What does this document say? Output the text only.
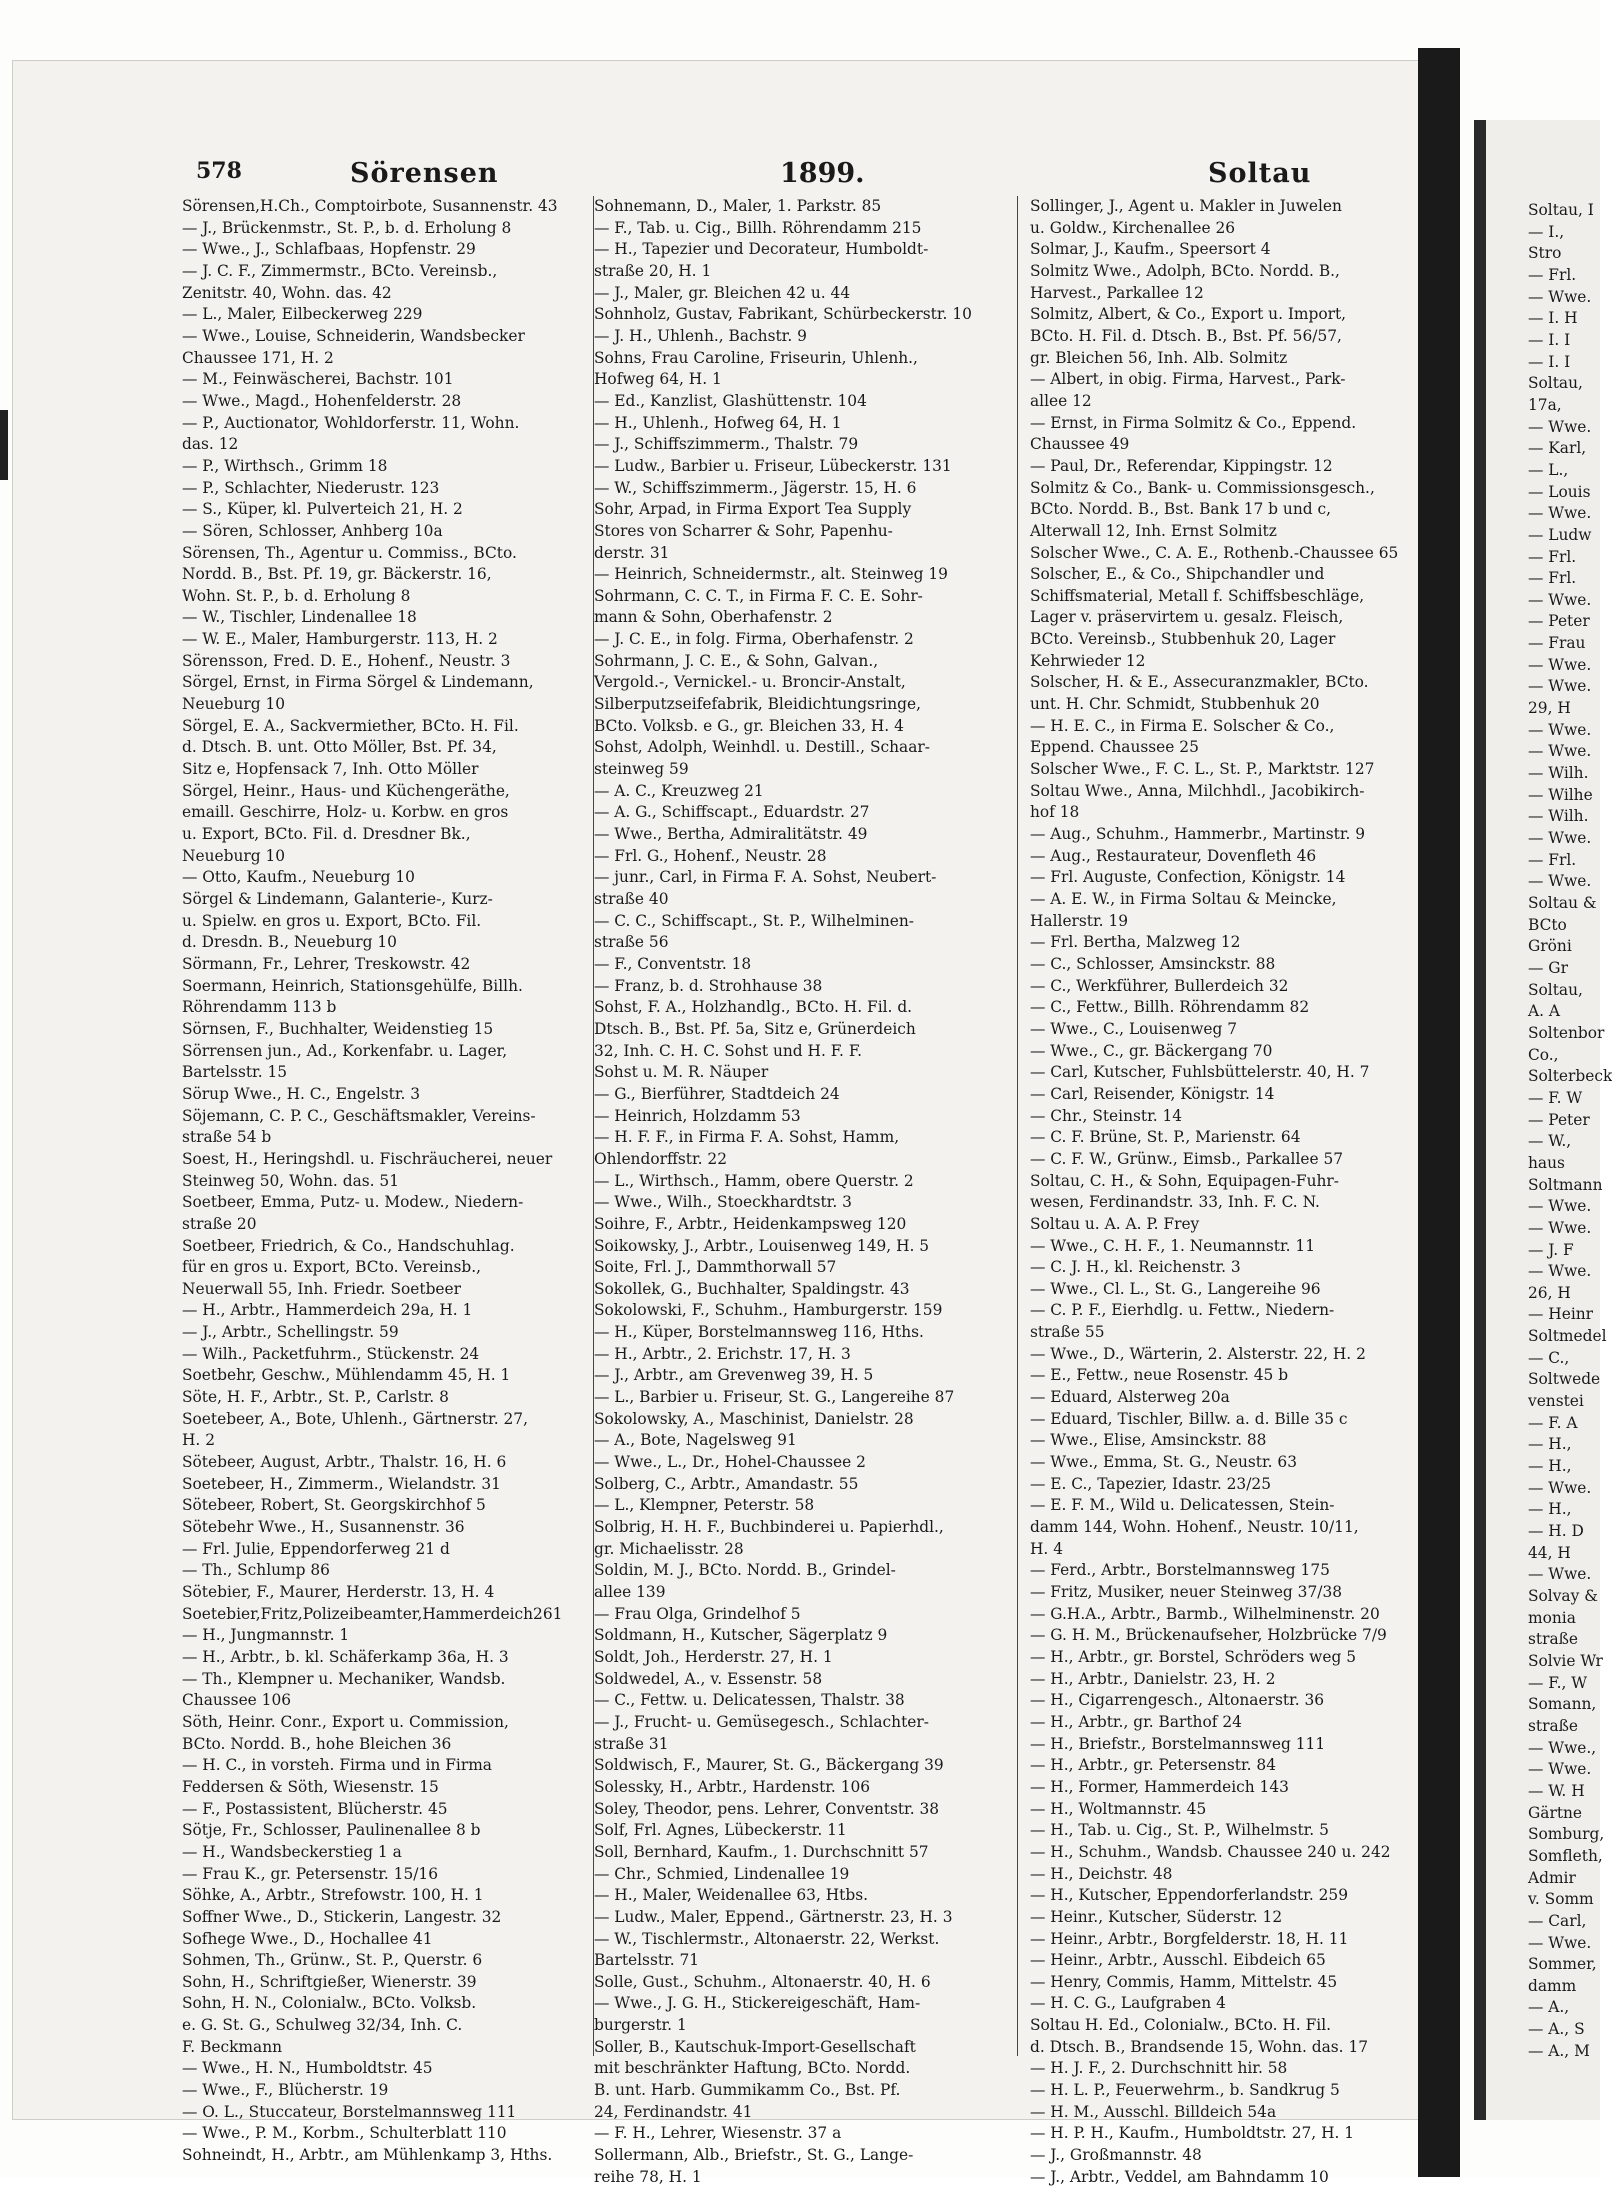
578	Sörensen	1899.	Soltau
Sörensen,H.Ch., Comptoirbote, Susannenstr. 43
— J., Brückenmstr., St. P., b. d. Erholung 8
— Wwe., J., Schlafbaas, Hopfenstr. 29
— J. C. F., Zimmermstr., BCto. Vereinsb.,
Zenitstr. 40, Wohn. das. 42
— L., Maler, Eilbeckerweg 229
— Wwe., Louise, Schneiderin, Wandsbecker
Chaussee 171, H. 2
— M., Feinwäscherei, Bachstr. 101
— Wwe., Magd., Hohenfelderstr. 28
— P., Auctionator, Wohldorferstr. 11, Wohn.
das. 12
— P., Wirthsch., Grimm 18
— P., Schlachter, Niederustr. 123
— S., Küper, kl. Pulverteich 21, H. 2
— Sören, Schlosser, Anhberg 10a
Sörensen, Th., Agentur u. Commiss., BCto.
Nordd. B., Bst. Pf. 19, gr. Bäckerstr. 16,
Wohn. St. P., b. d. Erholung 8
— W., Tischler, Lindenallee 18
— W. E., Maler, Hamburgerstr. 113, H. 2
Sörensson, Fred. D. E., Hohenf., Neustr. 3
Sörgel, Ernst, in Firma Sörgel & Lindemann,
Neueburg 10
Sörgel, E. A., Sackvermiether, BCto. H. Fil.
d. Dtsch. B. unt. Otto Möller, Bst. Pf. 34,
Sitz e, Hopfensack 7, Inh. Otto Möller
Sörgel, Heinr., Haus- und Küchengeräthe,
emaill. Geschirre, Holz- u. Korbw. en gros
u. Export, BCto. Fil. d. Dresdner Bk.,
Neueburg 10
— Otto, Kaufm., Neueburg 10
Sörgel & Lindemann, Galanterie-, Kurz-
u. Spielw. en gros u. Export, BCto. Fil.
d. Dresdn. B., Neueburg 10
Sörmann, Fr., Lehrer, Treskowstr. 42
Soermann, Heinrich, Stationsgehülfe, Billh.
Röhrendamm 113 b
Sörnsen, F., Buchhalter, Weidenstieg 15
Sörrensen jun., Ad., Korkenfabr. u. Lager,
Bartelsstr. 15
Sörup Wwe., H. C., Engelstr. 3
Söjemann, C. P. C., Geschäftsmakler, Vereins-
straße 54 b
Soest, H., Heringshdl. u. Fischräucherei, neuer
Steinweg 50, Wohn. das. 51
Soetbeer, Emma, Putz- u. Modew., Niedern-
straße 20
Soetbeer, Friedrich, & Co., Handschuhlag.
für en gros u. Export, BCto. Vereinsb.,
Neuerwall 55, Inh. Friedr. Soetbeer
— H., Arbtr., Hammerdeich 29a, H. 1
— J., Arbtr., Schellingstr. 59
— Wilh., Packetfuhrm., Stückenstr. 24
Soetbehr, Geschw., Mühlendamm 45, H. 1
Söte, H. F., Arbtr., St. P., Carlstr. 8
Soetebeer, A., Bote, Uhlenh., Gärtnerstr. 27,
H. 2
Sötebeer, August, Arbtr., Thalstr. 16, H. 6
Soetebeer, H., Zimmerm., Wielandstr. 31
Sötebeer, Robert, St. Georgskirchhof 5
Sötebehr Wwe., H., Susannenstr. 36
— Frl. Julie, Eppendorferweg 21 d
— Th., Schlump 86
Sötebier, F., Maurer, Herderstr. 13, H. 4
Soetebier,Fritz,Polizeibeamter,Hammerdeich261
— H., Jungmannstr. 1
— H., Arbtr., b. kl. Schäferkamp 36a, H. 3
— Th., Klempner u. Mechaniker, Wandsb.
Chaussee 106
Söth, Heinr. Conr., Export u. Commission,
BCto. Nordd. B., hohe Bleichen 36
— H. C., in vorsteh. Firma und in Firma
Feddersen & Söth, Wiesenstr. 15
— F., Postassistent, Blücherstr. 45
Sötje, Fr., Schlosser, Paulinenallee 8 b
— H., Wandsbeckerstieg 1 a
— Frau K., gr. Petersenstr. 15/16
Söhke, A., Arbtr., Strefowstr. 100, H. 1
Soffner Wwe., D., Stickerin, Langestr. 32
Sofhege Wwe., D., Hochallee 41
Sohmen, Th., Grünw., St. P., Querstr. 6
Sohn, H., Schriftgießer, Wienerstr. 39
Sohn, H. N., Colonialw., BCto. Volksb.
e. G. St. G., Schulweg 32/34, Inh. C.
F. Beckmann
— Wwe., H. N., Humboldtstr. 45
— Wwe., F., Blücherstr. 19
— O. L., Stuccateur, Borstelmannsweg 111
— Wwe., P. M., Korbm., Schulterblatt 110
Sohneindt, H., Arbtr., am Mühlenkamp 3, Hths.
Sohnemann, D., Maler, 1. Parkstr. 85
— F., Tab. u. Cig., Billh. Röhrendamm 215
— H., Tapezier und Decorateur, Humboldt-
straße 20, H. 1
— J., Maler, gr. Bleichen 42 u. 44
Sohnholz, Gustav, Fabrikant, Schürbeckerstr. 10
— J. H., Uhlenh., Bachstr. 9
Sohns, Frau Caroline, Friseurin, Uhlenh.,
Hofweg 64, H. 1
— Ed., Kanzlist, Glashüttenstr. 104
— H., Uhlenh., Hofweg 64, H. 1
— J., Schiffszimmerm., Thalstr. 79
— Ludw., Barbier u. Friseur, Lübeckerstr. 131
— W., Schiffszimmerm., Jägerstr. 15, H. 6
Sohr, Arpad, in Firma Export Tea Supply
Stores von Scharrer & Sohr, Papenhu-
derstr. 31
— Heinrich, Schneidermstr., alt. Steinweg 19
Sohrmann, C. C. T., in Firma F. C. E. Sohr-
mann & Sohn, Oberhafenstr. 2
— J. C. E., in folg. Firma, Oberhafenstr. 2
Sohrmann, J. C. E., & Sohn, Galvan.,
Vergold.-, Vernickel.- u. Broncir-Anstalt,
Silberputzseifefabrik, Bleidichtungsringe,
BCto. Volksb. e G., gr. Bleichen 33, H. 4
Sohst, Adolph, Weinhdl. u. Destill., Schaar-
steinweg 59
— A. C., Kreuzweg 21
— A. G., Schiffscapt., Eduardstr. 27
— Wwe., Bertha, Admiralitätstr. 49
— Frl. G., Hohenf., Neustr. 28
— junr., Carl, in Firma F. A. Sohst, Neubert-
straße 40
— C. C., Schiffscapt., St. P., Wilhelminen-
straße 56
— F., Conventstr. 18
— Franz, b. d. Strohhause 38
Sohst, F. A., Holzhandlg., BCto. H. Fil. d.
Dtsch. B., Bst. Pf. 5a, Sitz e, Grünerdeich
32, Inh. C. H. C. Sohst und H. F. F.
Sohst u. M. R. Näuper
— G., Bierführer, Stadtdeich 24
— Heinrich, Holzdamm 53
— H. F. F., in Firma F. A. Sohst, Hamm,
Ohlendorffstr. 22
— L., Wirthsch., Hamm, obere Querstr. 2
— Wwe., Wilh., Stoeckhardtstr. 3
Soihre, F., Arbtr., Heidenkampsweg 120
Soikowsky, J., Arbtr., Louisenweg 149, H. 5
Soite, Frl. J., Dammthorwall 57
Sokollek, G., Buchhalter, Spaldingstr. 43
Sokolowski, F., Schuhm., Hamburgerstr. 159
— H., Küper, Borstelmannsweg 116, Hths.
— H., Arbtr., 2. Erichstr. 17, H. 3
— J., Arbtr., am Grevenweg 39, H. 5
— L., Barbier u. Friseur, St. G., Langereihe 87
Sokolowsky, A., Maschinist, Danielstr. 28
— A., Bote, Nagelsweg 91
— Wwe., L., Dr., Hohel-Chaussee 2
Solberg, C., Arbtr., Amandastr. 55
— L., Klempner, Peterstr. 58
Solbrig, H. H. F., Buchbinderei u. Papierhdl.,
gr. Michaelisstr. 28
Soldin, M. J., BCto. Nordd. B., Grindel-
allee 139
— Frau Olga, Grindelhof 5
Soldmann, H., Kutscher, Sägerplatz 9
Soldt, Joh., Herderstr. 27, H. 1
Soldwedel, A., v. Essenstr. 58
— C., Fettw. u. Delicatessen, Thalstr. 38
— J., Frucht- u. Gemüsegesch., Schlachter-
straße 31
Soldwisch, F., Maurer, St. G., Bäckergang 39
Solessky, H., Arbtr., Hardenstr. 106
Soley, Theodor, pens. Lehrer, Conventstr. 38
Solf, Frl. Agnes, Lübeckerstr. 11
Soll, Bernhard, Kaufm., 1. Durchschnitt 57
— Chr., Schmied, Lindenallee 19
— H., Maler, Weidenallee 63, Htbs.
— Ludw., Maler, Eppend., Gärtnerstr. 23, H. 3
— W., Tischlermstr., Altonaerstr. 22, Werkst.
Bartelsstr. 71
Solle, Gust., Schuhm., Altonaerstr. 40, H. 6
— Wwe., J. G. H., Stickereigeschäft, Ham-
burgerstr. 1
Soller, B., Kautschuk-Import-Gesellschaft
mit beschränkter Haftung, BCto. Nordd.
B. unt. Harb. Gummikamm Co., Bst. Pf.
24, Ferdinandstr. 41
— F. H., Lehrer, Wiesenstr. 37 a
Sollermann, Alb., Briefstr., St. G., Lange-
reihe 78, H. 1
Sollinger, J., Agent u. Makler in Juwelen
u. Goldw., Kirchenallee 26
Solmar, J., Kaufm., Speersort 4
Solmitz Wwe., Adolph, BCto. Nordd. B.,
Harvest., Parkallee 12
Solmitz, Albert, & Co., Export u. Import,
BCto. H. Fil. d. Dtsch. B., Bst. Pf. 56/57,
gr. Bleichen 56, Inh. Alb. Solmitz
— Albert, in obig. Firma, Harvest., Park-
allee 12
— Ernst, in Firma Solmitz & Co., Eppend.
Chaussee 49
— Paul, Dr., Referendar, Kippingstr. 12
Solmitz & Co., Bank- u. Commissionsgesch.,
BCto. Nordd. B., Bst. Bank 17 b und c,
Alterwall 12, Inh. Ernst Solmitz
Solscher Wwe., C. A. E., Rothenb.-Chaussee 65
Solscher, E., & Co., Shipchandler und
Schiffsmaterial, Metall f. Schiffsbeschläge,
Lager v. präservirtem u. gesalz. Fleisch,
BCto. Vereinsb., Stubbenhuk 20, Lager
Kehrwieder 12
Solscher, H. & E., Assecuranzmakler, BCto.
unt. H. Chr. Schmidt, Stubbenhuk 20
— H. E. C., in Firma E. Solscher & Co.,
Eppend. Chaussee 25
Solscher Wwe., F. C. L., St. P., Marktstr. 127
Soltau Wwe., Anna, Milchhdl., Jacobikirch-
hof 18
— Aug., Schuhm., Hammerbr., Martinstr. 9
— Aug., Restaurateur, Dovenfleth 46
— Frl. Auguste, Confection, Königstr. 14
— A. E. W., in Firma Soltau & Meincke,
Hallerstr. 19
— Frl. Bertha, Malzweg 12
— C., Schlosser, Amsinckstr. 88
— C., Werkführer, Bullerdeich 32
— C., Fettw., Billh. Röhrendamm 82
— Wwe., C., Louisenweg 7
— Wwe., C., gr. Bäckergang 70
— Carl, Kutscher, Fuhlsbüttelerstr. 40, H. 7
— Carl, Reisender, Königstr. 14
— Chr., Steinstr. 14
— C. F. Brüne, St. P., Marienstr. 64
— C. F. W., Grünw., Eimsb., Parkallee 57
Soltau, C. H., & Sohn, Equipagen-Fuhr-
wesen, Ferdinandstr. 33, Inh. F. C. N.
Soltau u. A. A. P. Frey
— Wwe., C. H. F., 1. Neumannstr. 11
— C. J. H., kl. Reichenstr. 3
— Wwe., Cl. L., St. G., Langereihe 96
— C. P. F., Eierhdlg. u. Fettw., Niedern-
straße 55
— Wwe., D., Wärterin, 2. Alsterstr. 22, H. 2
— E., Fettw., neue Rosenstr. 45 b
— Eduard, Alsterweg 20a
— Eduard, Tischler, Billw. a. d. Bille 35 c
— Wwe., Elise, Amsinckstr. 88
— Wwe., Emma, St. G., Neustr. 63
— E. C., Tapezier, Idastr. 23/25
— E. F. M., Wild u. Delicatessen, Stein-
damm 144, Wohn. Hohenf., Neustr. 10/11,
H. 4
— Ferd., Arbtr., Borstelmannsweg 175
— Fritz, Musiker, neuer Steinweg 37/38
— G.H.A., Arbtr., Barmb., Wilhelminenstr. 20
— G. H. M., Brückenaufseher, Holzbrücke 7/9
— H., Arbtr., gr. Borstel, Schröders weg 5
— H., Arbtr., Danielstr. 23, H. 2
— H., Cigarrengesch., Altonaerstr. 36
— H., Arbtr., gr. Barthof 24
— H., Briefstr., Borstelmannsweg 111
— H., Arbtr., gr. Petersenstr. 84
— H., Former, Hammerdeich 143
— H., Woltmannstr. 45
— H., Tab. u. Cig., St. P., Wilhelmstr. 5
— H., Schuhm., Wandsb. Chaussee 240 u. 242
— H., Deichstr. 48
— H., Kutscher, Eppendorferlandstr. 259
— Heinr., Kutscher, Süderstr. 12
— Heinr., Arbtr., Borgfelderstr. 18, H. 11
— Heinr., Arbtr., Ausschl. Eibdeich 65
— Henry, Commis, Hamm, Mittelstr. 45
— H. C. G., Laufgraben 4
Soltau H. Ed., Colonialw., BCto. H. Fil.
d. Dtsch. B., Brandsende 15, Wohn. das. 17
— H. J. F., 2. Durchschnitt hir. 58
— H. L. P., Feuerwehrm., b. Sandkrug 5
— H. M., Ausschl. Billdeich 54a
— H. P. H., Kaufm., Humboldtstr. 27, H. 1
— J., Großmannstr. 48
— J., Arbtr., Veddel, am Bahndamm 10
Soltau, I
— I.,
Stro
— Frl.
— Wwe.
— I. H
— I. I
— I. I
Soltau,
17a,
— Wwe.
— Karl,
— L.,
— Louis
— Wwe.
— Ludw
— Frl.
— Frl.
— Wwe.
— Peter
— Frau
— Wwe.
— Wwe.
29, H
— Wwe.
— Wwe.
— Wilh.
— Wilhe
— Wilh.
— Wwe.
— Frl.
— Wwe.
Soltau &
BCto
Gröni
— Gr
Soltau,
A. A
Soltenbor
Co.,
Solterbeck
— F. W
— Peter
— W.,
haus
Soltmann
— Wwe.
— Wwe.
— J. F
— Wwe.
26, H
— Heinr
Soltmedel
— C.,
Soltwede
venstei
— F. A
— H.,
— H.,
— Wwe.
— H.,
— H. D
44, H
— Wwe.
Solvay &
monia
straße
Solvie Wr
— F., W
Somann,
straße
— Wwe.,
— Wwe.
— W. H
Gärtne
Somburg,
Somfleth,
Admir
v. Somm
— Carl,
— Wwe.
Sommer,
damm
— A.,
— A., S
— A., M
